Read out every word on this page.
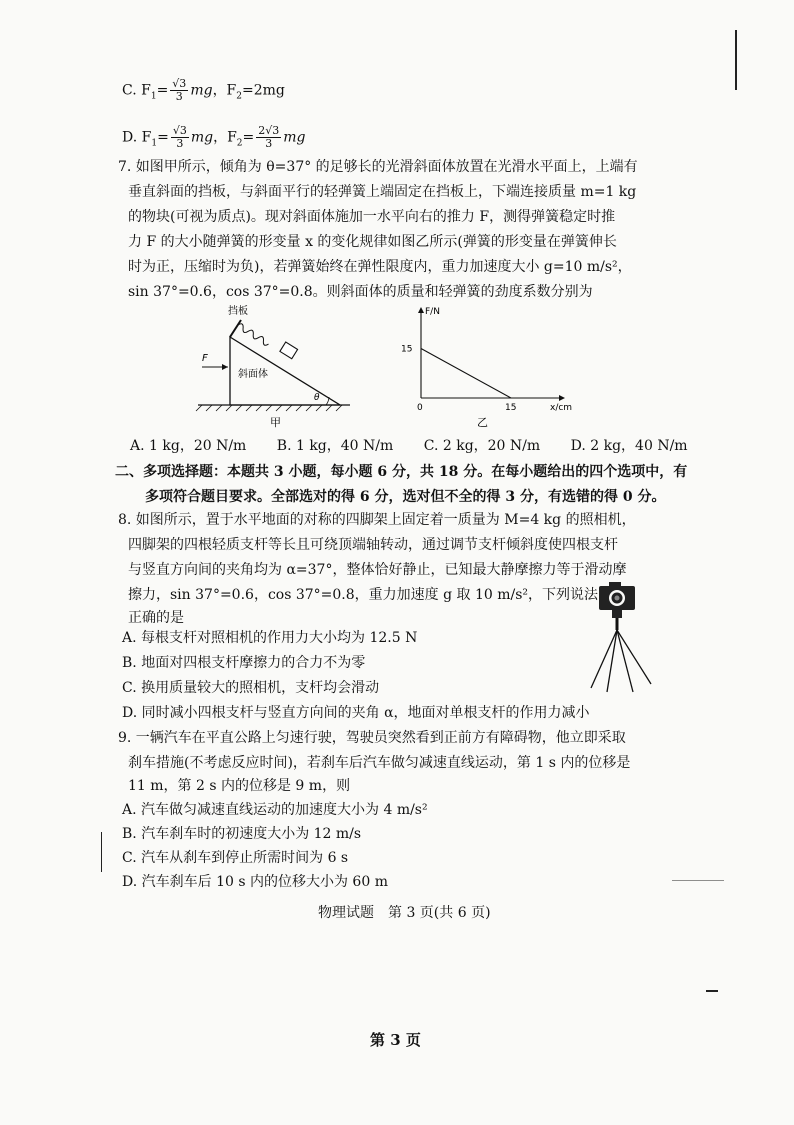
C. $F_1= \frac{√3}{3}$ mg，$F_2=2mg$
D. $F_1= \frac{√3}{3}$ mg，$F_2= \frac{2√3}{3}$ mg
7. 如图甲所示，倾角为 θ=37° 的足够长的光滑斜面体放置在光滑水平面上，上端有
垂直斜面的挡板，与斜面平行的轻弹簧上端固定在挡板上，下端连接质量 m=1 kg
的物块(可视为质点)。现对斜面体施加一水平向右的推力 F，测得弹簧稳定时推
力 F 的大小随弹簧的形变量 x 的变化规律如图乙所示(弹簧的形变量在弹簧伸长
时为正，压缩时为负)，若弹簧始终在弹性限度内，重力加速度大小 g=10 m/s²，
sin 37°=0.6，cos 37°=0.8。则斜面体的质量和轻弹簧的劲度系数分别为
F
挡板
斜面体
θ
甲
F/N
x/cm
15
0	15
乙
A. 1 kg，20 N/m B. 1 kg，40 N/m C. 2 kg，20 N/m D. 2 kg，40 N/m
二、多项选择题：本题共 3 小题，每小题 6 分，共 18 分。在每小题给出的四个选项中，有
多项符合题目要求。全部选对的得 6 分，选对但不全的得 3 分，有选错的得 0 分。
8. 如图所示，置于水平地面的对称的四脚架上固定着一质量为 M=4 kg 的照相机，
四脚架的四根轻质支杆等长且可绕顶端轴转动，通过调节支杆倾斜度使四根支杆
与竖直方向间的夹角均为 α=37°，整体恰好静止，已知最大静摩擦力等于滑动摩
擦力，sin 37°=0.6，cos 37°=0.8，重力加速度 g 取 10 m/s²，下列说法
正确的是
A. 每根支杆对照相机的作用力大小均为 12.5 N
B. 地面对四根支杆摩擦力的合力不为零
C. 换用质量较大的照相机，支杆均会滑动
D. 同时减小四根支杆与竖直方向间的夹角 α，地面对单根支杆的作用力减小
9. 一辆汽车在平直公路上匀速行驶，驾驶员突然看到正前方有障碍物，他立即采取
刹车措施(不考虑反应时间)，若刹车后汽车做匀减速直线运动，第 1 s 内的位移是
11 m，第 2 s 内的位移是 9 m，则
A. 汽车做匀减速直线运动的加速度大小为 4 m/s²
B. 汽车刹车时的初速度大小为 12 m/s
C. 汽车从刹车到停止所需时间为 6 s
D. 汽车刹车后 10 s 内的位移大小为 60 m
物理试题　第 3 页(共 6 页)
第 3 页
